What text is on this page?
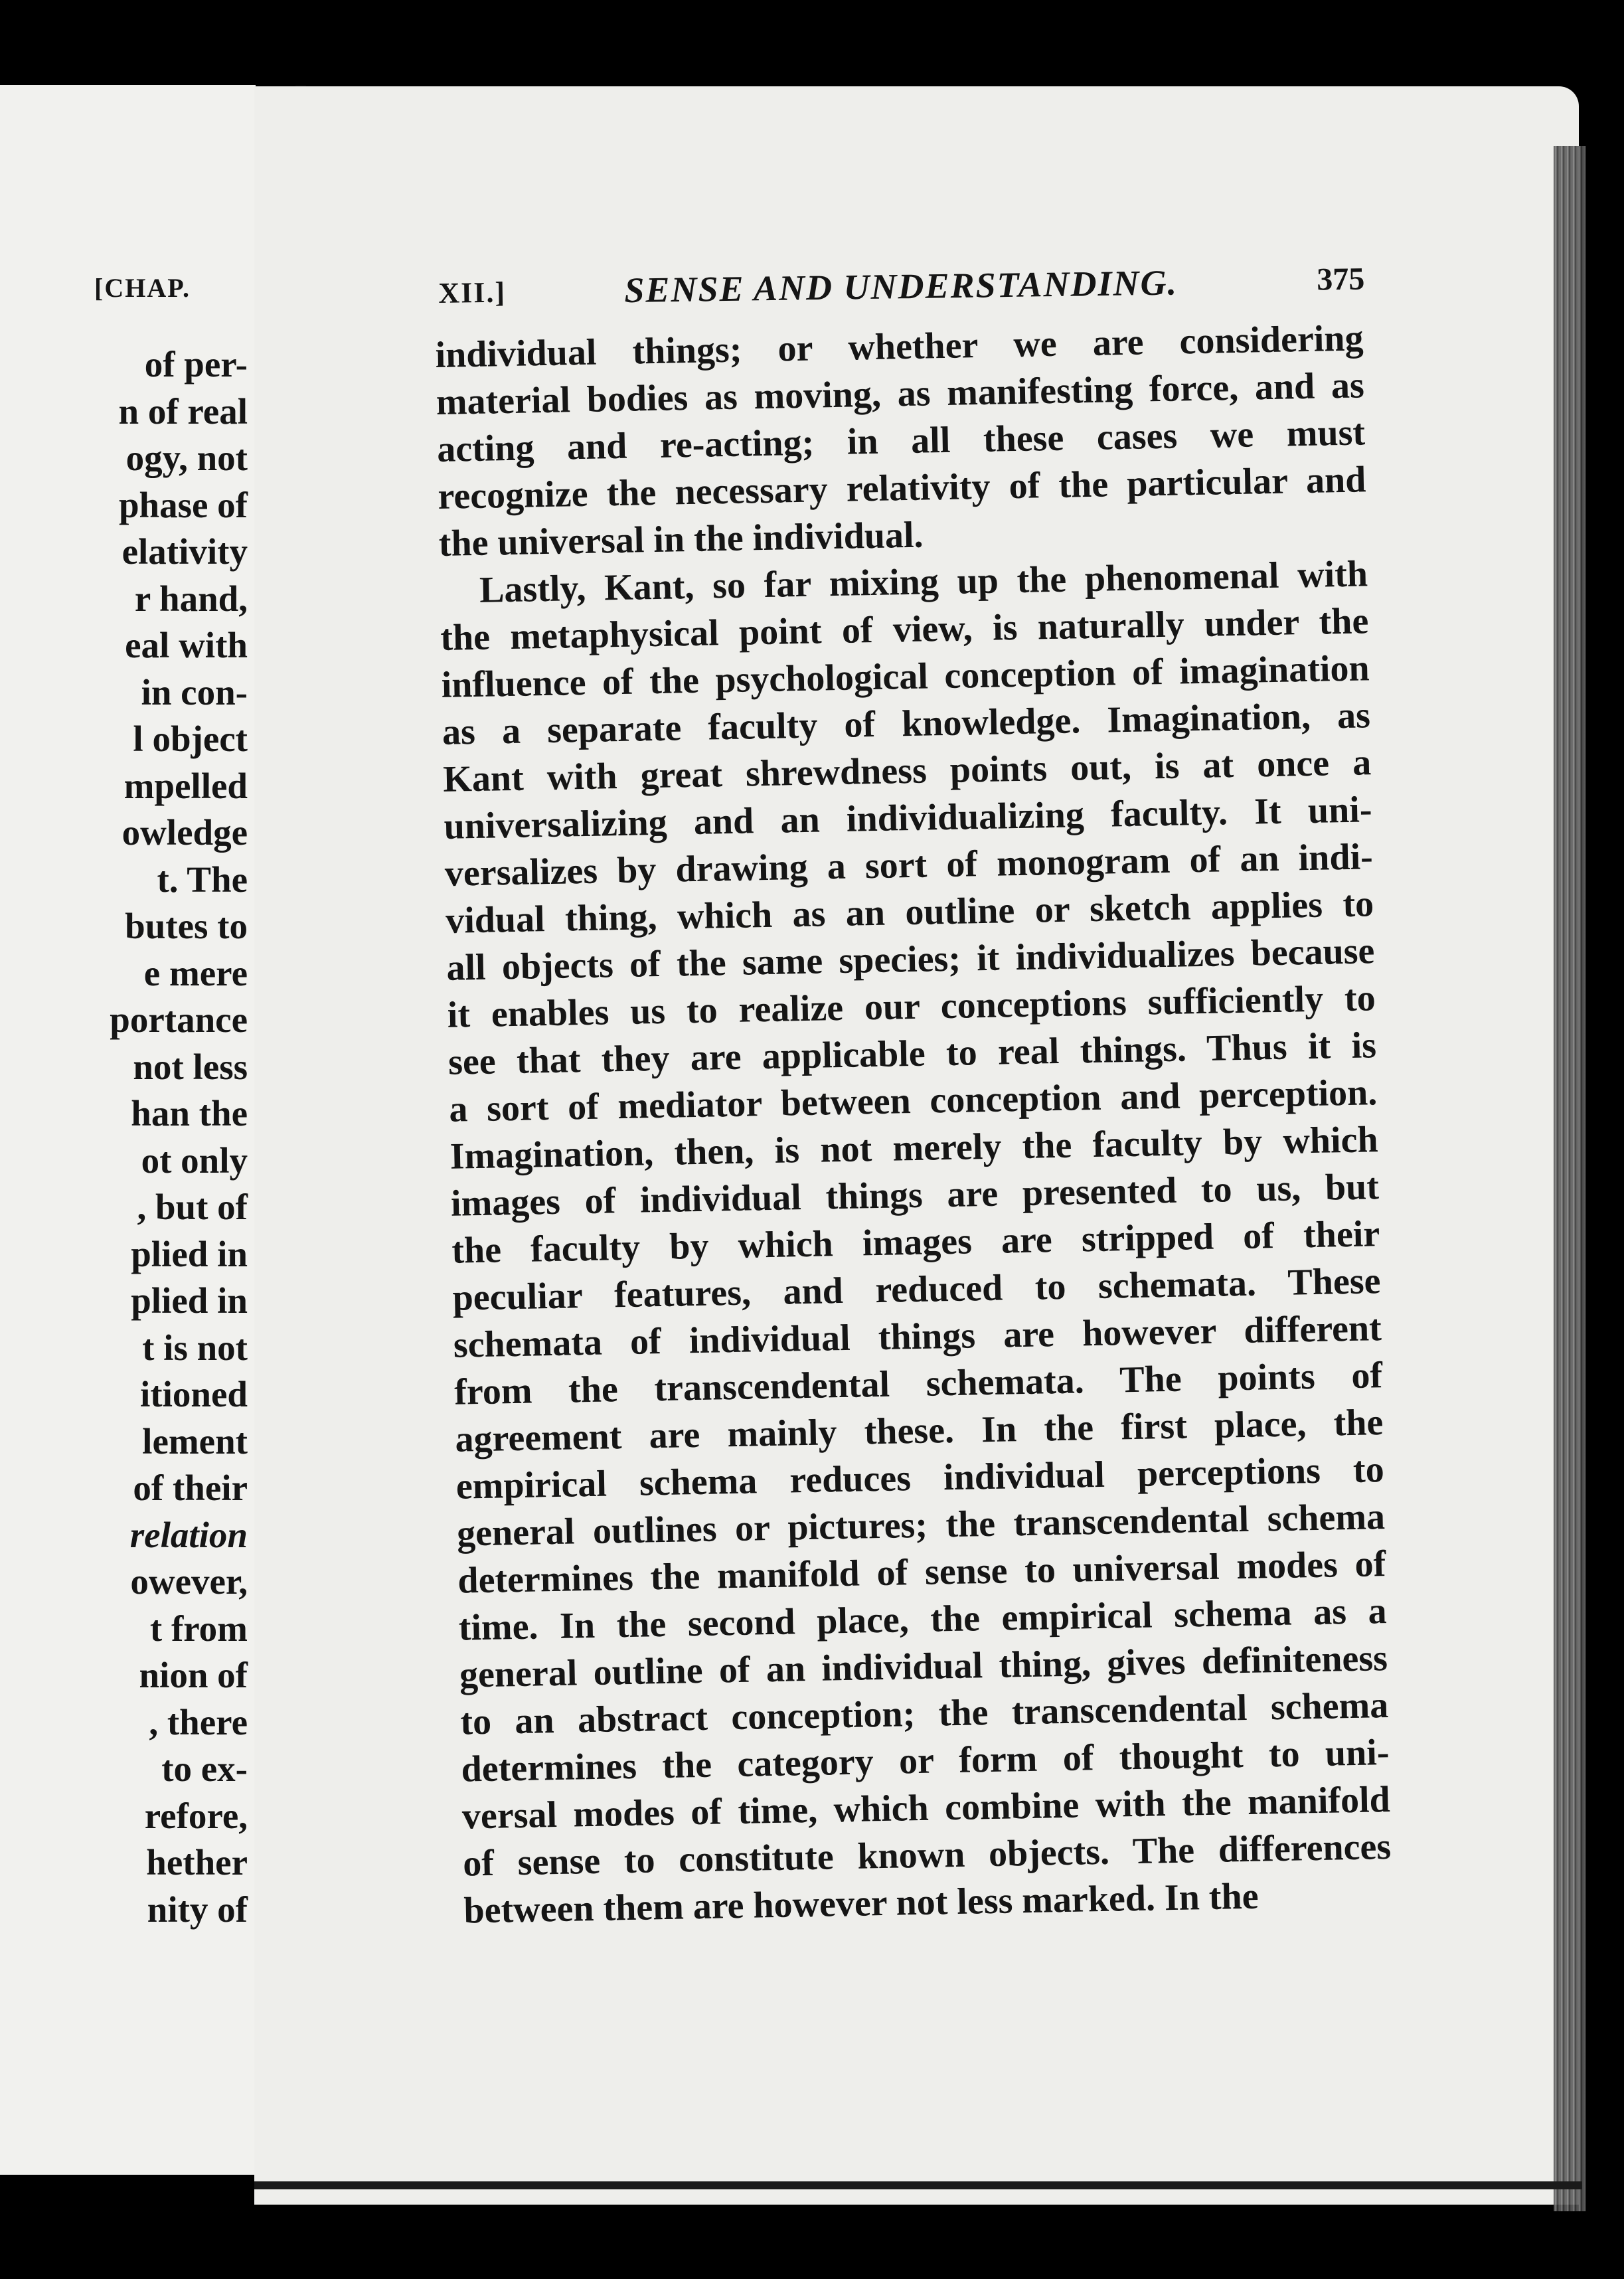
[CHAP.
of per-
n of real
ogy, not
phase of
elativity
r hand,
eal with
in con-
l object
mpelled
owledge
t. The
butes to
e mere
portance
not less
han the
ot only
, but of
plied in
plied in
t is not
itioned
lement
of their
relation
owever,
t from
nion of
, there
to ex-
refore,
hether
nity of
XII.]	SENSE AND UNDERSTANDING.	375
individual things; or whether we are considering
material bodies as moving, as manifesting force, and as
acting and re-acting; in all these cases we must
recognize the necessary relativity of the particular and
the universal in the individual.
Lastly, Kant, so far mixing up the phenomenal with
the metaphysical point of view, is naturally under the
influence of the psychological conception of imagination
as a separate faculty of knowledge. Imagination, as
Kant with great shrewdness points out, is at once a
universalizing and an individualizing faculty. It uni-
versalizes by drawing a sort of monogram of an indi-
vidual thing, which as an outline or sketch applies to
all objects of the same species; it individualizes because
it enables us to realize our conceptions sufficiently to
see that they are applicable to real things. Thus it is
a sort of mediator between conception and perception.
Imagination, then, is not merely the faculty by which
images of individual things are presented to us, but
the faculty by which images are stripped of their
peculiar features, and reduced to schemata. These
schemata of individual things are however different
from the transcendental schemata. The points of
agreement are mainly these. In the first place, the
empirical schema reduces individual perceptions to
general outlines or pictures; the transcendental schema
determines the manifold of sense to universal modes of
time. In the second place, the empirical schema as a
general outline of an individual thing, gives definiteness
to an abstract conception; the transcendental schema
determines the category or form of thought to uni-
versal modes of time, which combine with the manifold
of sense to constitute known objects. The differences
between them are however not less marked. In the
